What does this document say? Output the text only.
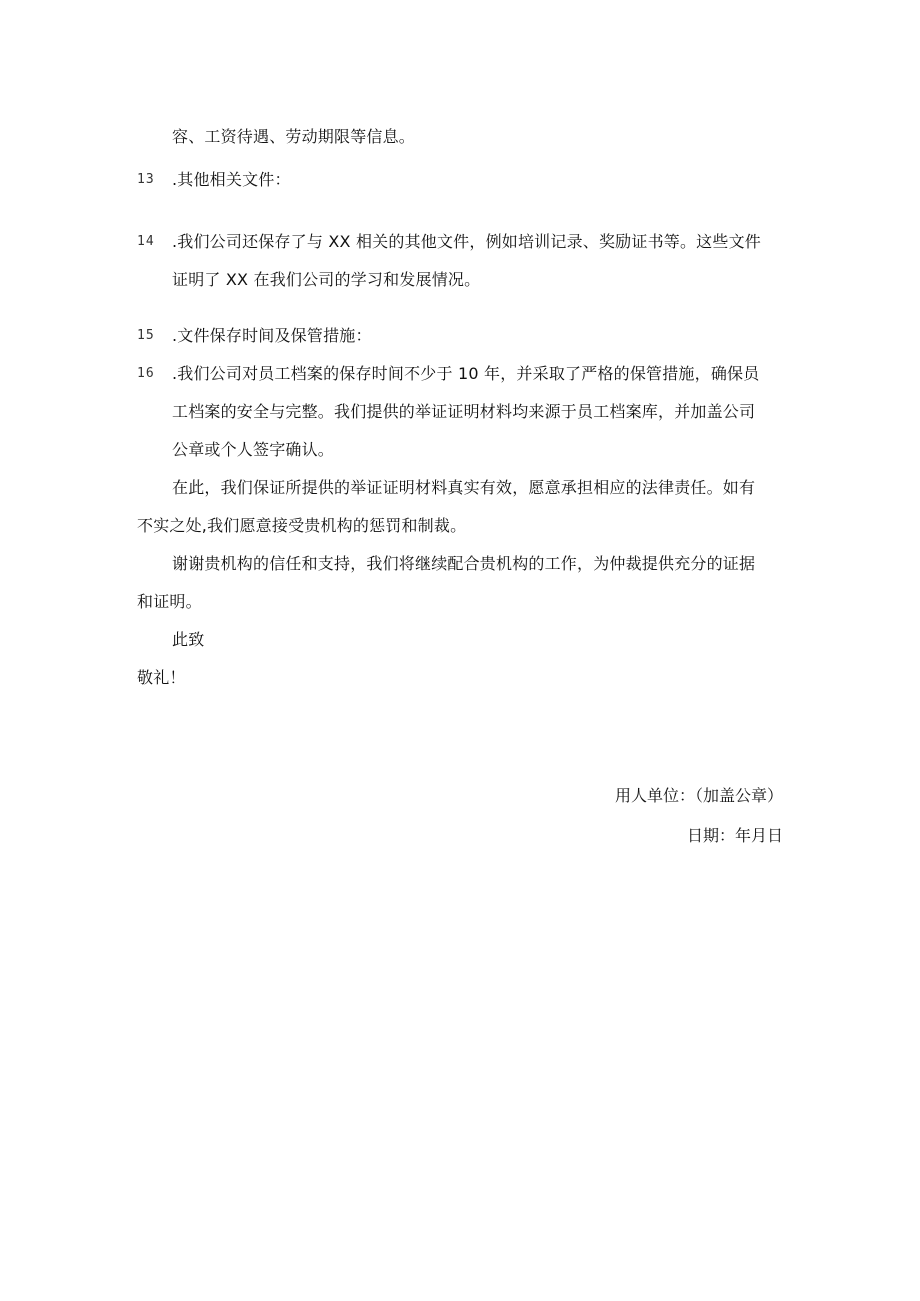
容、工资待遇、劳动期限等信息。
13 .其他相关文件：
14 .我们公司还保存了与 XX 相关的其他文件，例如培训记录、奖励证书等。这些文件
证明了 XX 在我们公司的学习和发展情况。
15 .文件保存时间及保管措施：
16 .我们公司对员工档案的保存时间不少于 10 年，并采取了严格的保管措施，确保员
工档案的安全与完整。我们提供的举证证明材料均来源于员工档案库，并加盖公司
公章或个人签字确认。
在此，我们保证所提供的举证证明材料真实有效，愿意承担相应的法律责任。如有
不实之处,我们愿意接受贵机构的惩罚和制裁。
谢谢贵机构的信任和支持，我们将继续配合贵机构的工作，为仲裁提供充分的证据
和证明。
此致
敬礼！
用人单位：（加盖公章）
日期：年月日
